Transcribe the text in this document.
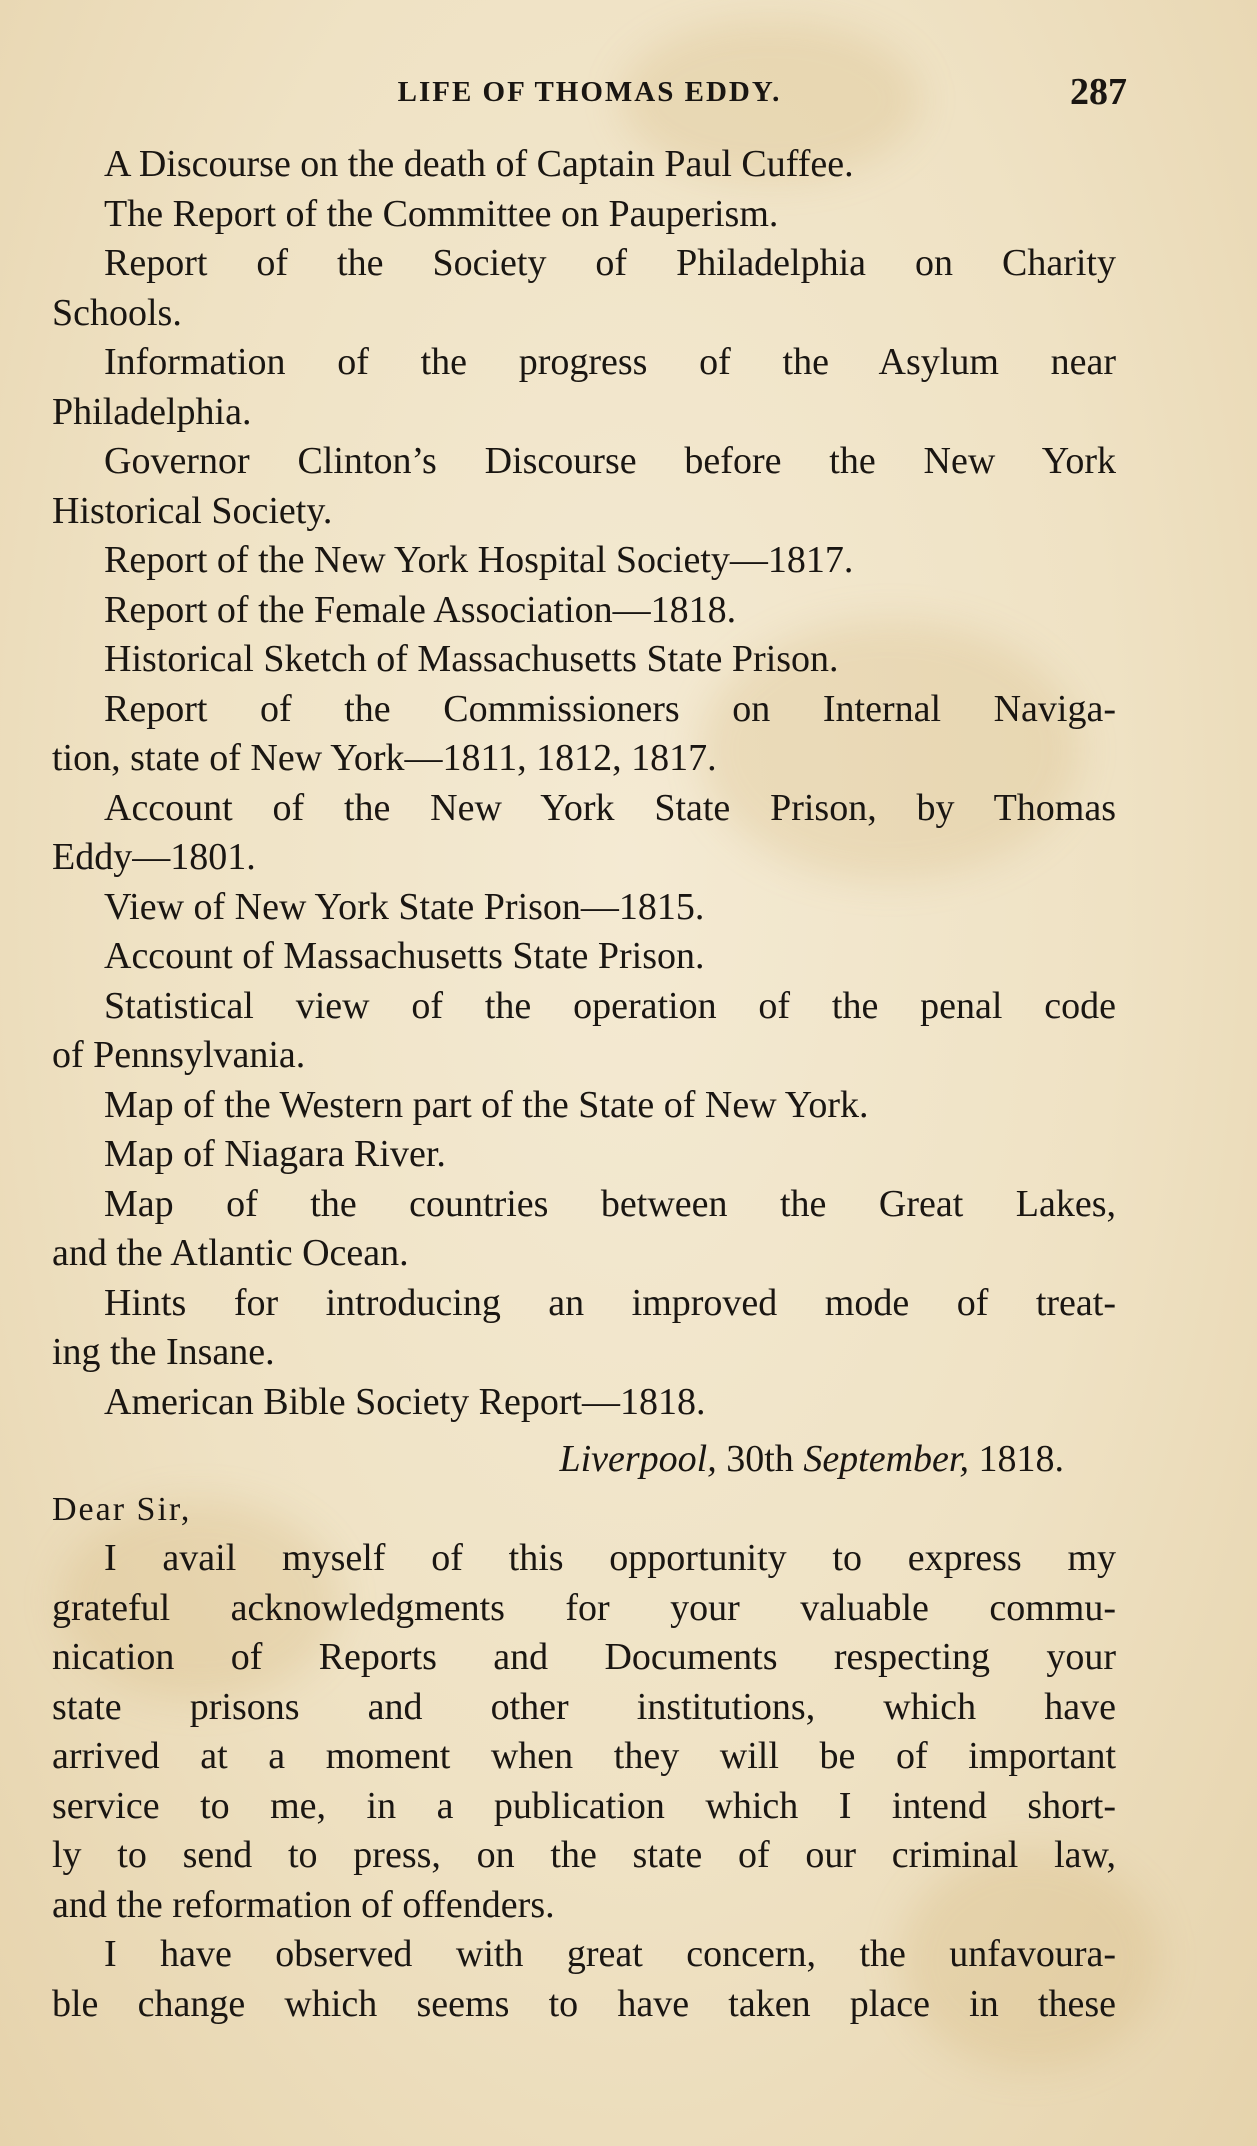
LIFE OF THOMAS EDDY.	287
A Discourse on the death of Captain Paul Cuffee.
The Report of the Committee on Pauperism.
Report of the Society of Philadelphia on Charity
Schools.
Information of the progress of the Asylum near
Philadelphia.
Governor Clinton’s Discourse before the New York
Historical Society.
Report of the New York Hospital Society—1817.
Report of the Female Association—1818.
Historical Sketch of Massachusetts State Prison.
Report of the Commissioners on Internal Naviga-
tion, state of New York—1811, 1812, 1817.
Account of the New York State Prison, by Thomas
Eddy—1801.
View of New York State Prison—1815.
Account of Massachusetts State Prison.
Statistical view of the operation of the penal code
of Pennsylvania.
Map of the Western part of the State of New York.
Map of Niagara River.
Map of the countries between the Great Lakes,
and the Atlantic Ocean.
Hints for introducing an improved mode of treat-
ing the Insane.
American Bible Society Report—1818.
Liverpool, 30th September, 1818.
Dear Sir,
I avail myself of this opportunity to express my
grateful acknowledgments for your valuable commu-
nication of Reports and Documents respecting your
state prisons and other institutions, which have
arrived at a moment when they will be of important
service to me, in a publication which I intend short-
ly to send to press, on the state of our criminal law,
and the reformation of offenders.
I have observed with great concern, the unfavoura-
ble change which seems to have taken place in these
